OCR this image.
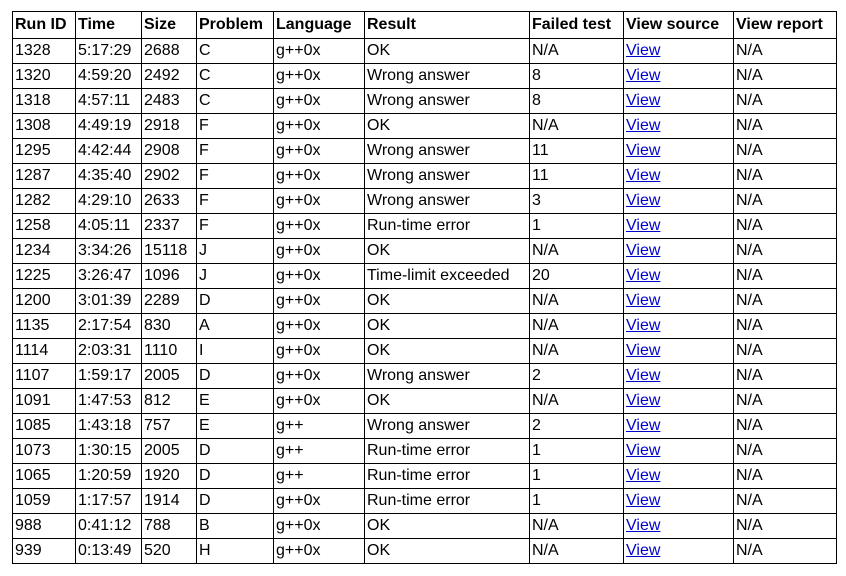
Run ID	Time	Size	Problem	Language	Result	Failed test	View source	View report
1328	5:17:29	2688	C	g++0x	OK	N/A	View	N/A
1320	4:59:20	2492	C	g++0x	Wrong answer	8	View	N/A
1318	4:57:11	2483	C	g++0x	Wrong answer	8	View	N/A
1308	4:49:19	2918	F	g++0x	OK	N/A	View	N/A
1295	4:42:44	2908	F	g++0x	Wrong answer	11	View	N/A
1287	4:35:40	2902	F	g++0x	Wrong answer	11	View	N/A
1282	4:29:10	2633	F	g++0x	Wrong answer	3	View	N/A
1258	4:05:11	2337	F	g++0x	Run-time error	1	View	N/A
1234	3:34:26	15118	J	g++0x	OK	N/A	View	N/A
1225	3:26:47	1096	J	g++0x	Time-limit exceeded	20	View	N/A
1200	3:01:39	2289	D	g++0x	OK	N/A	View	N/A
1135	2:17:54	830	A	g++0x	OK	N/A	View	N/A
1114	2:03:31	1110	I	g++0x	OK	N/A	View	N/A
1107	1:59:17	2005	D	g++0x	Wrong answer	2	View	N/A
1091	1:47:53	812	E	g++0x	OK	N/A	View	N/A
1085	1:43:18	757	E	g++	Wrong answer	2	View	N/A
1073	1:30:15	2005	D	g++	Run-time error	1	View	N/A
1065	1:20:59	1920	D	g++	Run-time error	1	View	N/A
1059	1:17:57	1914	D	g++0x	Run-time error	1	View	N/A
988	0:41:12	788	B	g++0x	OK	N/A	View	N/A
939	0:13:49	520	H	g++0x	OK	N/A	View	N/A
